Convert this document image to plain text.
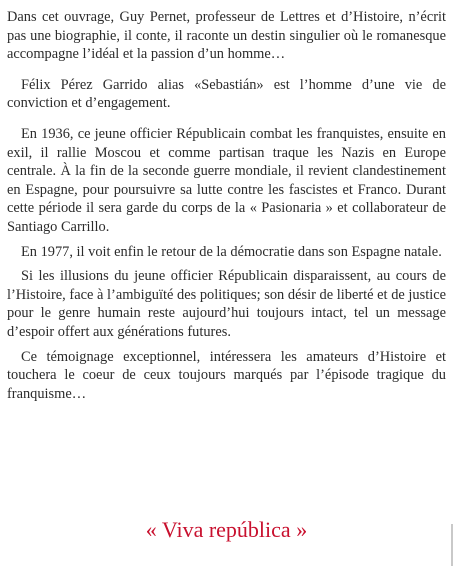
Dans cet ouvrage, Guy Pernet, professeur de Lettres et d’Histoire, n’écrit pas une biographie, il conte, il raconte un destin singulier où le romanesque accompagne l’idéal et la passion d’un homme…

Félix Pérez Garrido alias «Sebastián» est l’homme d’une vie de conviction et d’engagement.

En 1936, ce jeune officier Républicain combat les franquistes, ensuite en exil, il rallie Moscou et comme partisan traque les Nazis en Europe centrale. À la fin de la seconde guerre mondiale, il revient clandestinement en Espagne, pour poursuivre sa lutte contre les fascistes et Franco. Durant cette période il sera garde du corps de la « Pasionaria » et collaborateur de Santiago Carrillo.

En 1977, il voit enfin le retour de la démocratie dans son Espagne natale.

Si les illusions du jeune officier Républicain disparaissent, au cours de l’Histoire, face à l’ambiguïté des politiques; son désir de liberté et de justice pour le genre humain reste aujourd’hui toujours intact, tel un message d’espoir offert aux générations futures.

Ce témoignage exceptionnel, intéressera les amateurs d’Histoire et touchera le coeur de ceux toujours marqués par l’épisode tragique du franquisme…

« Viva república »
